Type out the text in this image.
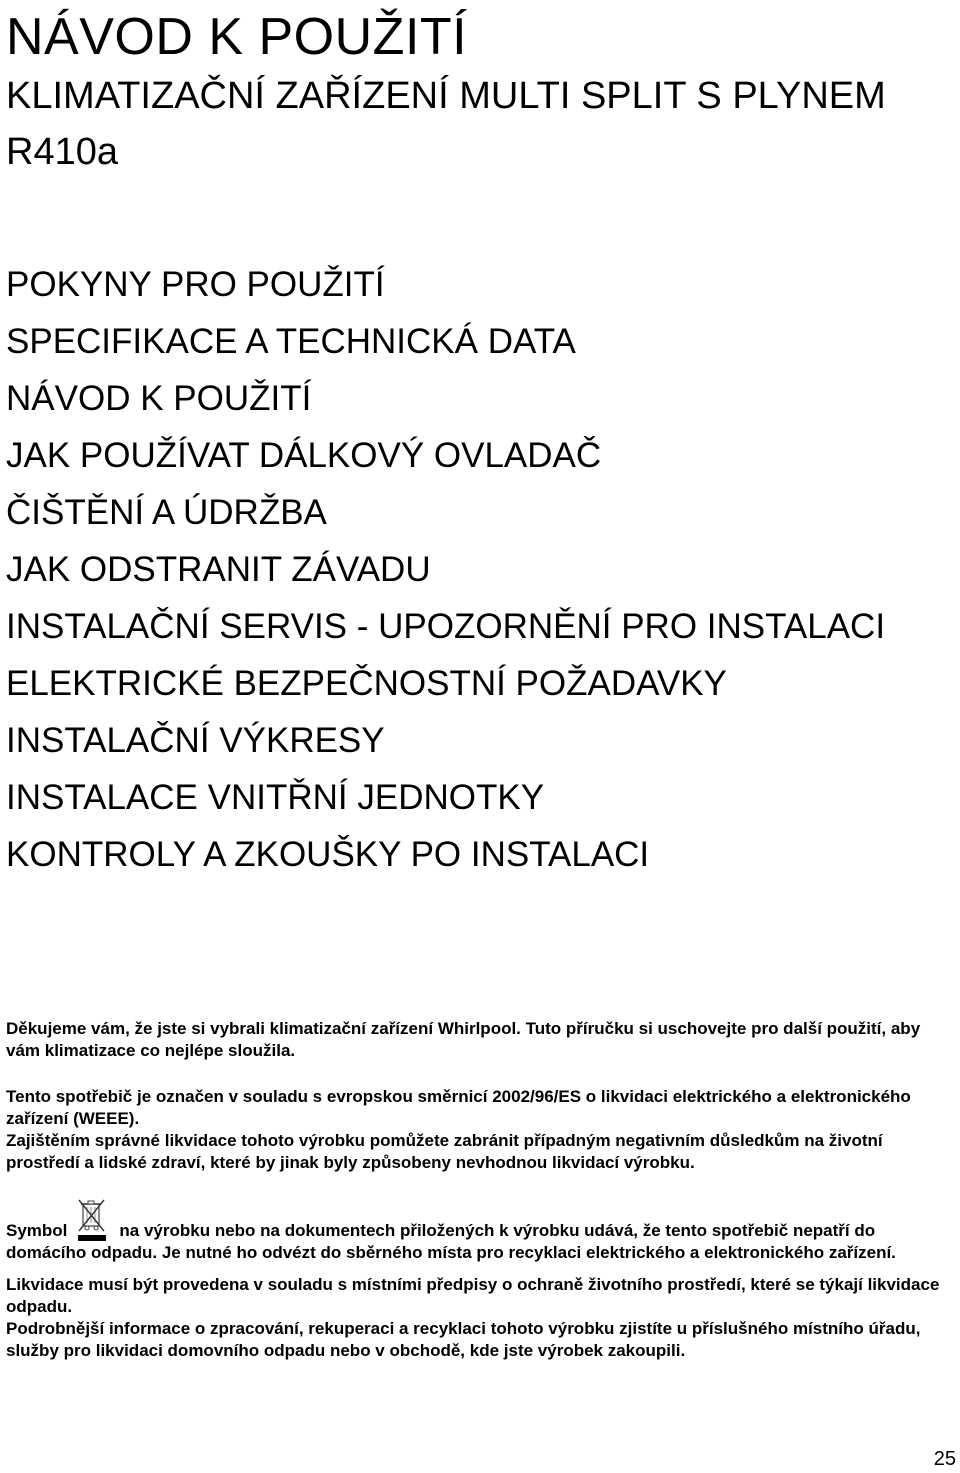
NÁVOD K POUŽITÍ
KLIMATIZAČNÍ ZAŘÍZENÍ MULTI SPLIT S PLYNEM R410a
POKYNY PRO POUŽITÍ
SPECIFIKACE A TECHNICKÁ DATA
NÁVOD K POUŽITÍ
JAK POUŽÍVAT DÁLKOVÝ OVLADAČ
ČIŠTĚNÍ A ÚDRŽBA
JAK ODSTRANIT ZÁVADU
INSTALAČNÍ SERVIS - UPOZORNĚNÍ PRO INSTALACI
ELEKTRICKÉ BEZPEČNOSTNÍ POŽADAVKY
INSTALAČNÍ VÝKRESY
INSTALACE VNITŘNÍ JEDNOTKY
KONTROLY A ZKOUŠKY PO INSTALACI

Děkujeme vám, že jste si vybrali klimatizační zařízení Whirlpool. Tuto příručku si uschovejte pro další použití, aby vám klimatizace co nejlépe sloužila.

Tento spotřebič je označen v souladu s evropskou směrnicí 2002/96/ES o likvidaci elektrického a elektronického zařízení (WEEE).

Zajištěním správné likvidace tohoto výrobku pomůžete zabránit případným negativním důsledkům na životní prostředí a lidské zdraví, které by jinak byly způsobeny nevhodnou likvidací výrobku.

Symbol	na výrobku nebo na dokumentech přiložených k výrobku udává, že tento spotřebič nepatří do domácího odpadu. Je nutné ho odvézt do sběrného místa pro recyklaci elektrického a elektronického zařízení.

Likvidace musí být provedena v souladu s místními předpisy o ochraně životního prostředí, které se týkají likvidace odpadu.

Podrobnější informace o zpracování, rekuperaci a recyklaci tohoto výrobku zjistíte u příslušného místního úřadu, služby pro likvidaci domovního odpadu nebo v obchodě, kde jste výrobek zakoupili.

25
